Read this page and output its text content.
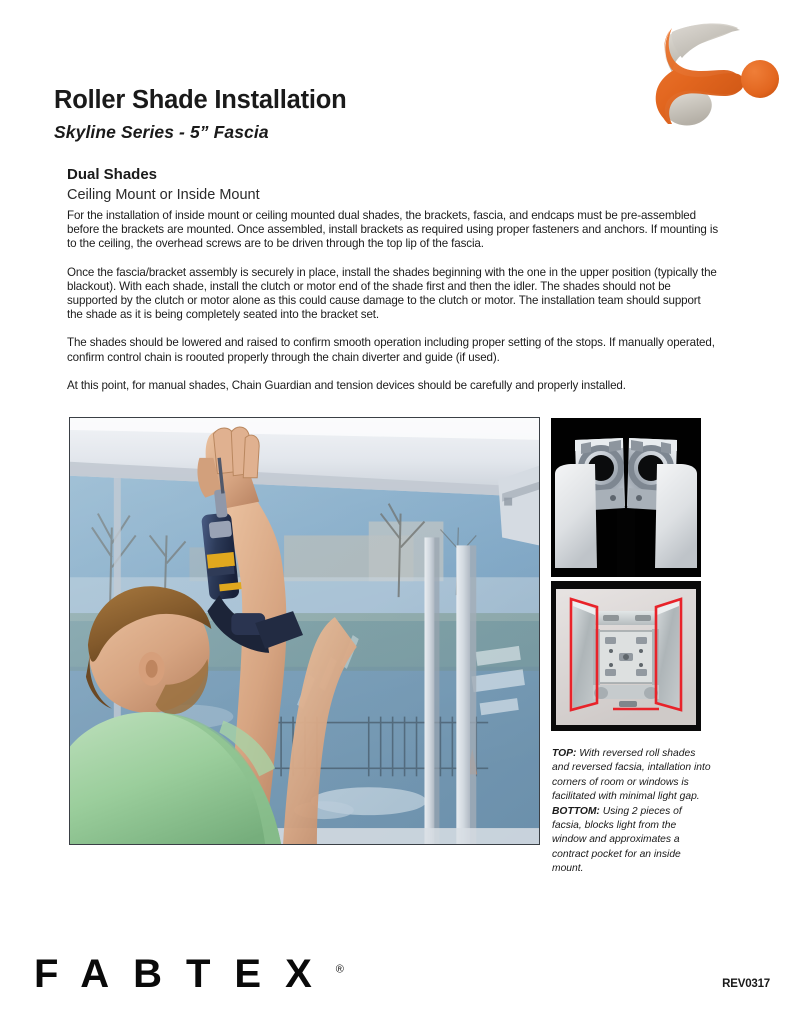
Roller Shade Installation
Skyline Series - 5” Fascia
Dual Shades
Ceiling Mount or Inside Mount

For the installation of inside mount or ceiling mounted dual shades, the brackets, fascia, and endcaps must be pre-assembled before the brackets are mounted. Once assembled, install brackets as required using proper fasteners and anchors. If mounting is to the ceiling, the overhead screws are to be driven through the top lip of the fascia.

Once the fascia/bracket assembly is securely in place, install the shades beginning with the one in the upper position (typically the blackout). With each shade, install the clutch or motor end of the shade first and then the idler. The shades should not be supported by the clutch or motor alone as this could cause damage to the clutch or motor. The installation team should support the shade as it is being completely seated into the bracket set.

The shades should be lowered and raised to confirm smooth operation including proper setting of the stops. If manually operated, confirm control chain is roouted properly through the chain diverter and guide (if used).

At this point, for manual shades, Chain Guardian and tension devices should be carefully and properly installed.

TOP: With reversed roll shades and reversed facsia, intallation into corners of room or windows is facilitated with minimal light gap.
BOTTOM: Using 2 pieces of facsia, blocks light from the window and approximates a contract pocket for an inside mount.
FABTEX®
REV0317
